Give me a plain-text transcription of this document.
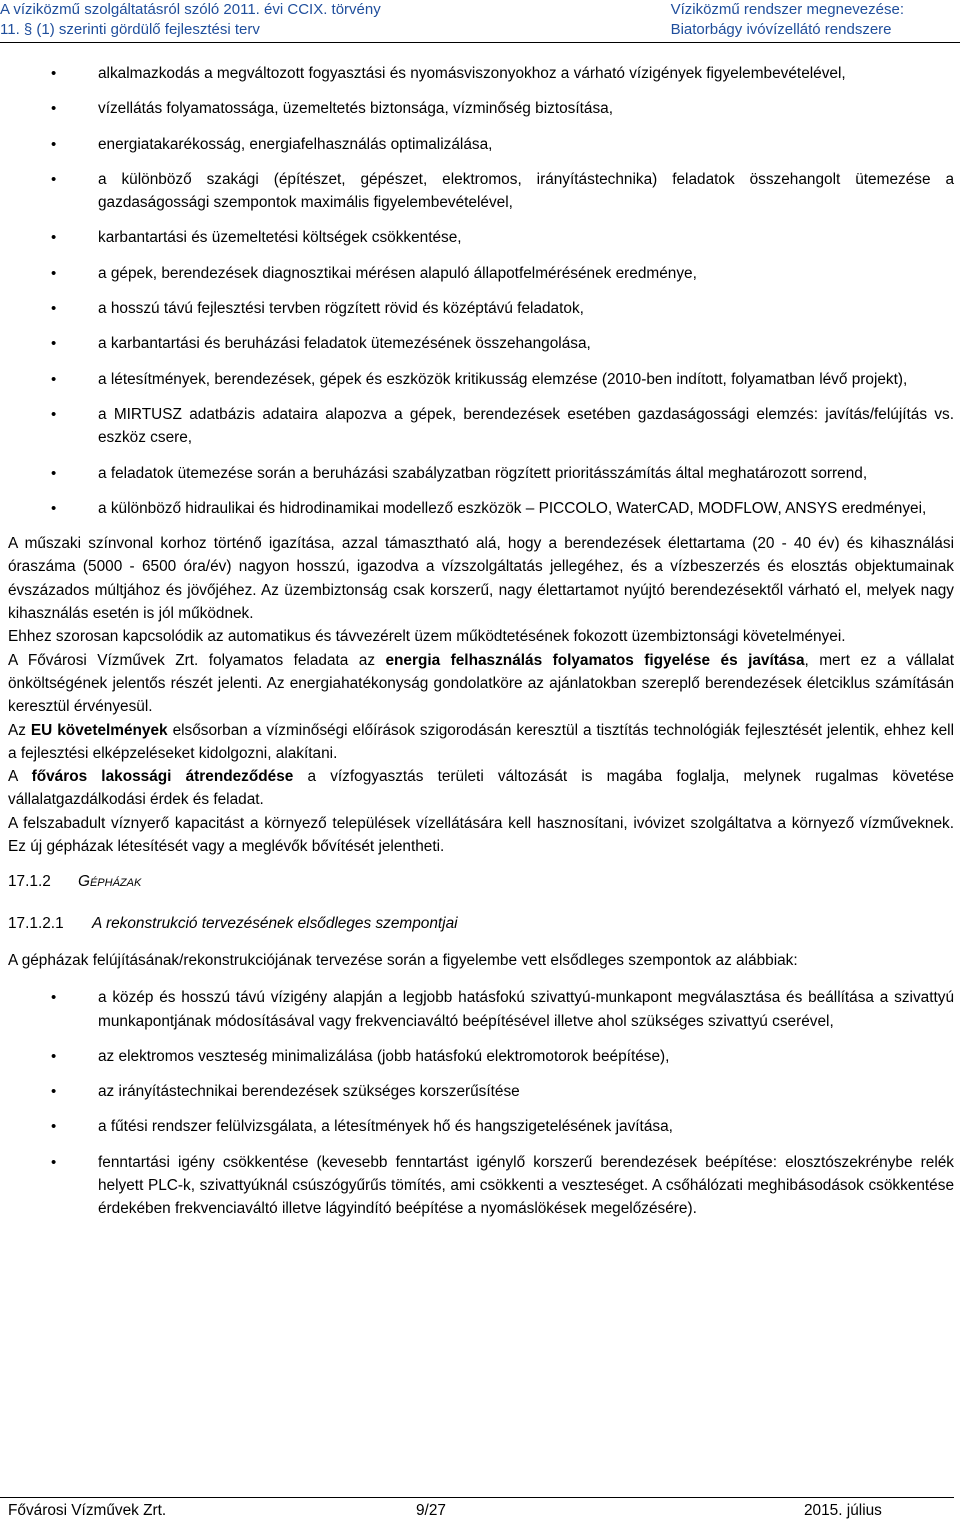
A víziközmű szolgáltatásról szóló 2011. évi CCIX. törvény
11. § (1) szerinti gördülő fejlesztési terv
Víziközmű rendszer megnevezése:
Biatorbágy ivóvízellátó rendszere
• alkalmazkodás a megváltozott fogyasztási és nyomásviszonyokhoz a várható vízigények figyelembevételével,
• vízellátás folyamatossága, üzemeltetés biztonsága, vízminőség biztosítása,
• energiatakarékosság, energiafelhasználás optimalizálása,
• a különböző szakági (építészet, gépészet, elektromos, irányítástechnika) feladatok összehangolt ütemezése a gazdaságossági szempontok maximális figyelembevételével,
• karbantartási és üzemeltetési költségek csökkentése,
• a gépek, berendezések diagnosztikai mérésen alapuló állapotfelmérésének eredménye,
• a hosszú távú fejlesztési tervben rögzített rövid és középtávú feladatok,
• a karbantartási és beruházási feladatok ütemezésének összehangolása,
• a létesítmények, berendezések, gépek és eszközök kritikusság elemzése (2010-ben indított, folyamatban lévő projekt),
• a MIRTUSZ adatbázis adataira alapozva a gépek, berendezések esetében gazdaságossági elemzés: javítás/felújítás vs. eszköz csere,
• a feladatok ütemezése során a beruházási szabályzatban rögzített prioritásszámítás által meghatározott sorrend,
• a különböző hidraulikai és hidrodinamikai modellező eszközök – PICCOLO, WaterCAD, MODFLOW, ANSYS eredményei,

A műszaki színvonal korhoz történő igazítása, azzal támasztható alá, hogy a berendezések élettartama (20 - 40 év) és kihasználási óraszáma (5000 - 6500 óra/év) nagyon hosszú, igazodva a vízszolgáltatás jellegéhez, és a vízbeszerzés és elosztás objektumainak évszázados múltjához és jövőjéhez. Az üzembiztonság csak korszerű, nagy élettartamot nyújtó berendezésektől várható el, melyek nagy kihasználás esetén is jól működnek.

Ehhez szorosan kapcsolódik az automatikus és távvezérelt üzem működtetésének fokozott üzembiztonsági követelményei.

A Fővárosi Vízművek Zrt. folyamatos feladata az energia felhasználás folyamatos figyelése és javítása, mert ez a vállalat önköltségének jelentős részét jelenti. Az energiahatékonyság gondolatköre az ajánlatokban szereplő berendezések életciklus számításán keresztül érvényesül.

Az EU követelmények elsősorban a vízminőségi előírások szigorodásán keresztül a tisztítás technológiák fejlesztését jelentik, ehhez kell a fejlesztési elképzeléseket kidolgozni, alakítani.

A főváros lakossági átrendeződése a vízfogyasztás területi változását is magába foglalja, melynek rugalmas követése vállalatgazdálkodási érdek és feladat.

A felszabadult víznyerő kapacitást a környező települések vízellátására kell hasznosítani, ivóvizet szolgáltatva a környező vízműveknek. Ez új gépházak létesítését vagy a meglévők bővítését jelentheti.

17.1.2 Gépházak
17.1.2.1 A rekonstrukció tervezésének elsődleges szempontjai

A gépházak felújításának/rekonstrukciójának tervezése során a figyelembe vett elsődleges szempontok az alábbiak:

• a közép és hosszú távú vízigény alapján a legjobb hatásfokú szivattyú-munkapont megválasztása és beállítása a szivattyú munkapontjának módosításával vagy frekvenciaváltó beépítésével illetve ahol szükséges szivattyú cserével,
• az elektromos veszteség minimalizálása (jobb hatásfokú elektromotorok beépítése),
• az irányítástechnikai berendezések szükséges korszerűsítése
• a fűtési rendszer felülvizsgálata, a létesítmények hő és hangszigetelésének javítása,
• fenntartási igény csökkentése (kevesebb fenntartást igénylő korszerű berendezések beépítése: elosztószekrénybe relék helyett PLC-k, szivattyúknál csúszógyűrűs tömítés, ami csökkenti a veszteséget. A csőhálózati meghibásodások csökkentése érdekében frekvenciaváltó illetve lágyindító beépítése a nyomáslökések megelőzésére).
Fővárosi Vízművek Zrt.	9/27	2015. július
